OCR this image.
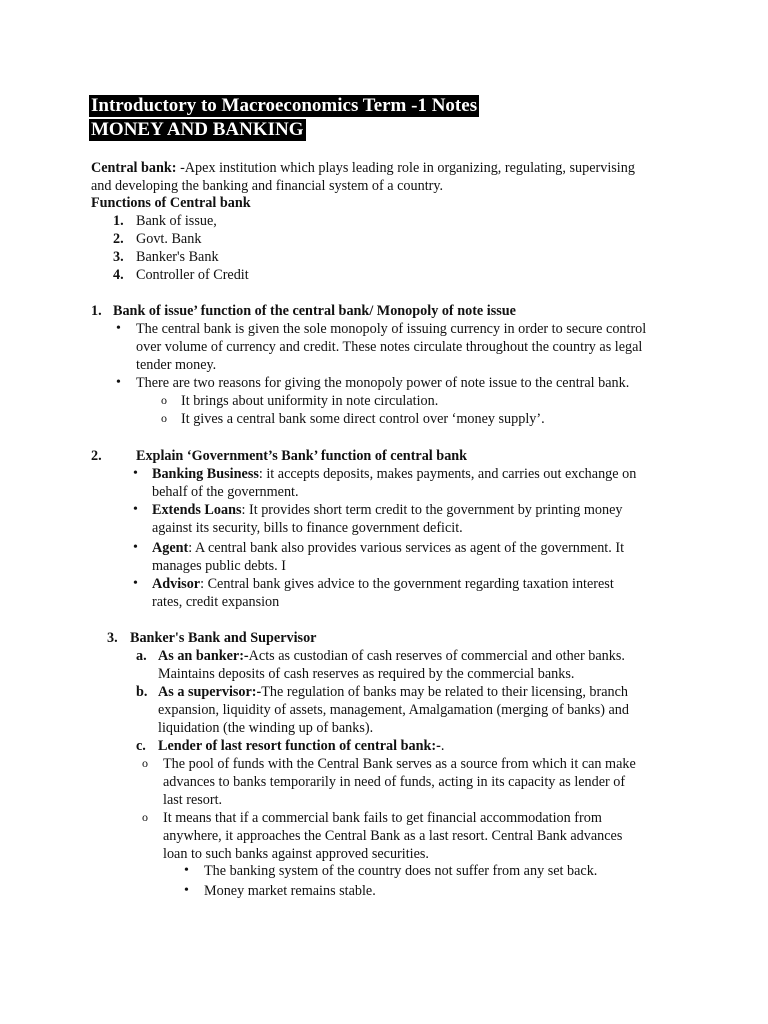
Introductory to Macroeconomics Term -1 Notes
MONEY AND BANKING
Central bank: -Apex institution which plays leading role in organizing, regulating, supervising
and developing the banking and financial system of a country.
Functions of Central bank
1. Bank of issue,
2. Govt. Bank
3. Banker's Bank
4. Controller of Credit
1. Bank of issue’ function of the central bank/ Monopoly of note issue
• The central bank is given the sole monopoly of issuing currency in order to secure control
over volume of currency and credit. These notes circulate throughout the country as legal
tender money.
• There are two reasons for giving the monopoly power of note issue to the central bank.
o It brings about uniformity in note circulation.
o It gives a central bank some direct control over ‘money supply’.
2. Explain ‘Government’s Bank’ function of central bank
• Banking Business: it accepts deposits, makes payments, and carries out exchange on
behalf of the government.
• Extends Loans: It provides short term credit to the government by printing money
against its security, bills to finance government deficit.
• Agent: A central bank also provides various services as agent of the government. It
manages public debts. I
• Advisor: Central bank gives advice to the government regarding taxation interest
rates, credit expansion
3. Banker's Bank and Supervisor
a. As an banker:-Acts as custodian of cash reserves of commercial and other banks.
Maintains deposits of cash reserves as required by the commercial banks.
b. As a supervisor:-The regulation of banks may be related to their licensing, branch
expansion, liquidity of assets, management, Amalgamation (merging of banks) and
liquidation (the winding up of banks).
c. Lender of last resort function of central bank:-.
o The pool of funds with the Central Bank serves as a source from which it can make
advances to banks temporarily in need of funds, acting in its capacity as lender of
last resort.
o It means that if a commercial bank fails to get financial accommodation from
anywhere, it approaches the Central Bank as a last resort. Central Bank advances
loan to such banks against approved securities.
• The banking system of the country does not suffer from any set back.
• Money market remains stable.
